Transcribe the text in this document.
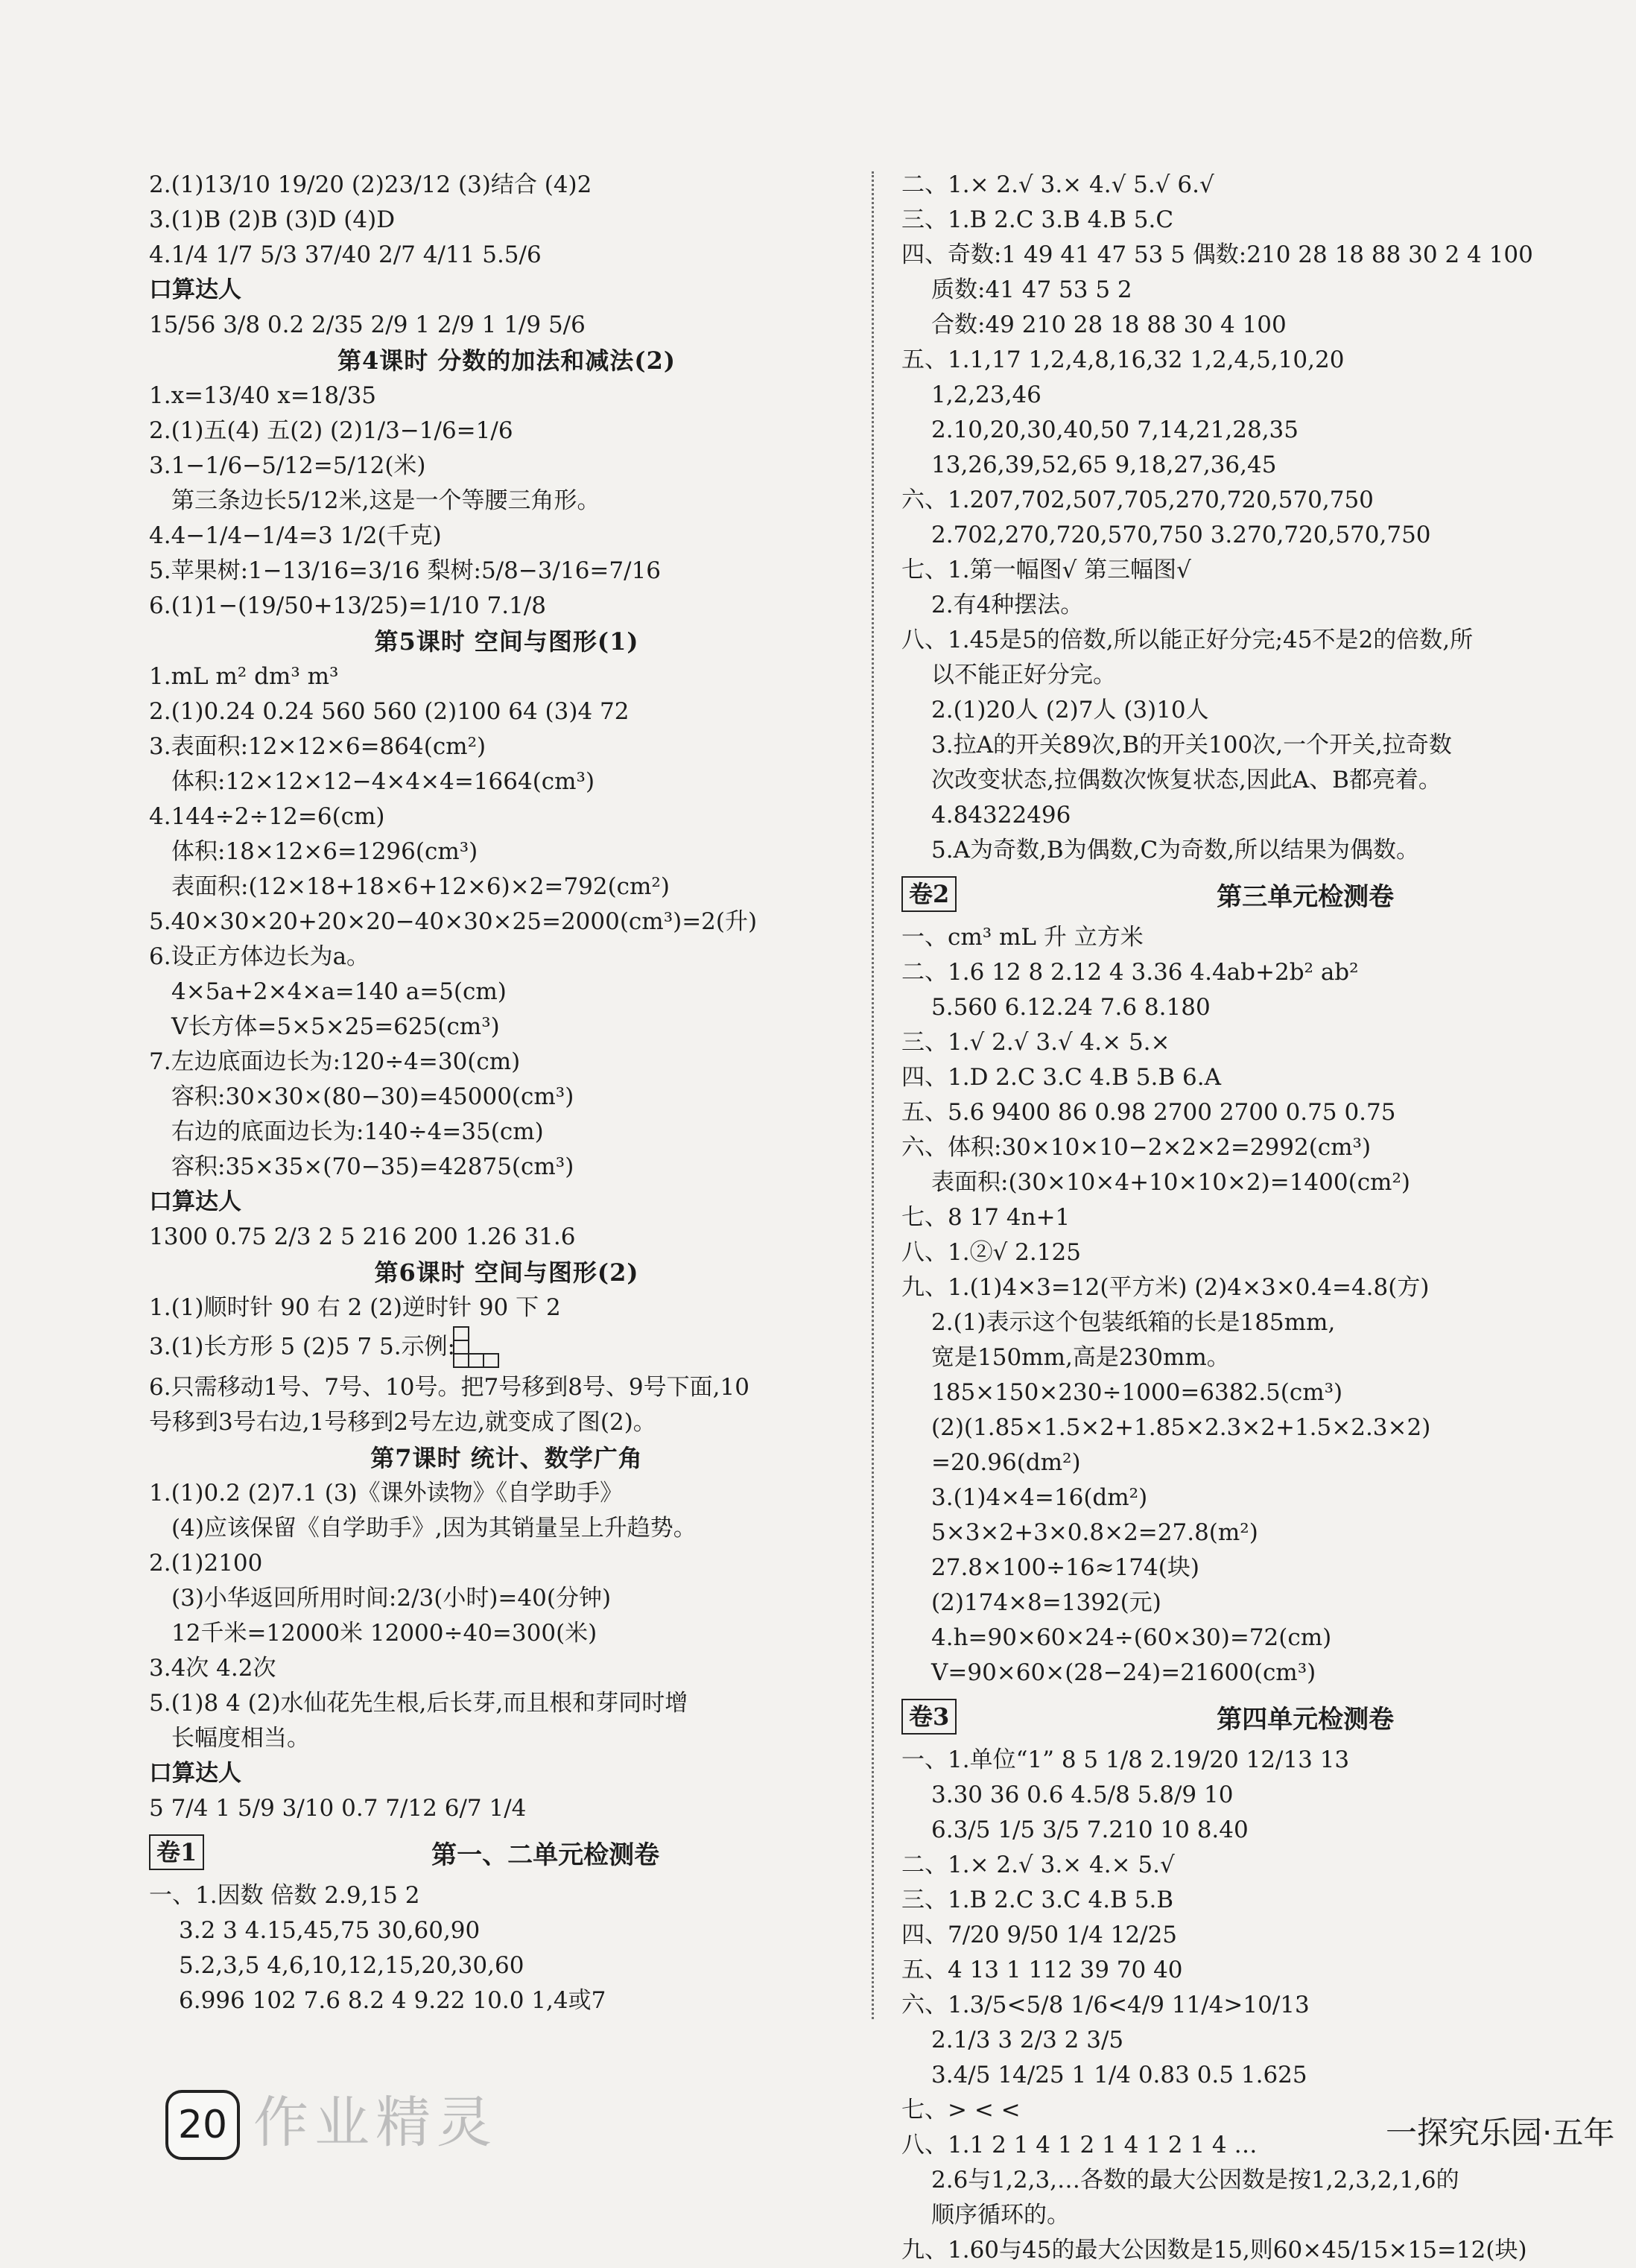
2.(1)13/10 19/20 (2)23/12 (3)结合 (4)2
3.(1)B (2)B (3)D (4)D
4.1/4 1/7 5/3 37/40 2/7 4/11 5.5/6
口算达人
15/56 3/8 0.2 2/35 2/9 1 2/9 1 1/9 5/6
第4课时 分数的加法和减法(2)
1.x=13/40 x=18/35
2.(1)五(4) 五(2) (2)1/3−1/6=1/6
3.1−1/6−5/12=5/12(米)
第三条边长5/12米,这是一个等腰三角形。
4.4−1/4−1/4=3 1/2(千克)
5.苹果树:1−13/16=3/16 梨树:5/8−3/16=7/16
6.(1)1−(19/50+13/25)=1/10 7.1/8
第5课时 空间与图形(1)
1.mL m² dm³ m³
2.(1)0.24 0.24 560 560 (2)100 64 (3)4 72
3.表面积:12×12×6=864(cm²)
体积:12×12×12−4×4×4=1664(cm³)
4.144÷2÷12=6(cm)
体积:18×12×6=1296(cm³)
表面积:(12×18+18×6+12×6)×2=792(cm²)
5.40×30×20+20×20−40×30×25=2000(cm³)=2(升)
6.设正方体边长为a。
4×5a+2×4×a=140 a=5(cm)
V长方体=5×5×25=625(cm³)
7.左边底面边长为:120÷4=30(cm)
容积:30×30×(80−30)=45000(cm³)
右边的底面边长为:140÷4=35(cm)
容积:35×35×(70−35)=42875(cm³)
口算达人
1300 0.75 2/3 2 5 216 200 1.26 31.6
第6课时 空间与图形(2)
1.(1)顺时针 90 右 2 (2)逆时针 90 下 2
3.(1)长方形 5 (2)5 7 5.示例:
6.只需移动1号、7号、10号。把7号移到8号、9号下面,10
号移到3号右边,1号移到2号左边,就变成了图(2)。
第7课时 统计、数学广角
1.(1)0.2 (2)7.1 (3)《课外读物》《自学助手》
(4)应该保留《自学助手》,因为其销量呈上升趋势。
2.(1)2100
(3)小华返回所用时间:2/3(小时)=40(分钟)
12千米=12000米 12000÷40=300(米)
3.4次 4.2次
5.(1)8 4 (2)水仙花先生根,后长芽,而且根和芽同时增
长幅度相当。
口算达人
5 7/4 1 5/9 3/10 0.7 7/12 6/7 1/4
卷1	第一、二单元检测卷
一、1.因数 倍数 2.9,15 2
3.2 3 4.15,45,75 30,60,90
5.2,3,5 4,6,10,12,15,20,30,60
6.996 102 7.6 8.2 4 9.22 10.0 1,4或7
二、1.× 2.√ 3.× 4.√ 5.√ 6.√
三、1.B 2.C 3.B 4.B 5.C
四、奇数:1 49 41 47 53 5 偶数:210 28 18 88 30 2 4 100
质数:41 47 53 5 2
合数:49 210 28 18 88 30 4 100
五、1.1,17 1,2,4,8,16,32 1,2,4,5,10,20
1,2,23,46
2.10,20,30,40,50 7,14,21,28,35
13,26,39,52,65 9,18,27,36,45
六、1.207,702,507,705,270,720,570,750
2.702,270,720,570,750 3.270,720,570,750
七、1.第一幅图√ 第三幅图√
2.有4种摆法。
八、1.45是5的倍数,所以能正好分完;45不是2的倍数,所
以不能正好分完。
2.(1)20人 (2)7人 (3)10人
3.拉A的开关89次,B的开关100次,一个开关,拉奇数
次改变状态,拉偶数次恢复状态,因此A、B都亮着。
4.84322496
5.A为奇数,B为偶数,C为奇数,所以结果为偶数。
卷2	第三单元检测卷
一、cm³ mL 升 立方米
二、1.6 12 8 2.12 4 3.36 4.4ab+2b² ab²
5.560 6.12.24 7.6 8.180
三、1.√ 2.√ 3.√ 4.× 5.×
四、1.D 2.C 3.C 4.B 5.B 6.A
五、5.6 9400 86 0.98 2700 2700 0.75 0.75
六、体积:30×10×10−2×2×2=2992(cm³)
表面积:(30×10×4+10×10×2)=1400(cm²)
七、8 17 4n+1
八、1.②√ 2.125
九、1.(1)4×3=12(平方米) (2)4×3×0.4=4.8(方)
2.(1)表示这个包装纸箱的长是185mm,
宽是150mm,高是230mm。
185×150×230÷1000=6382.5(cm³)
(2)(1.85×1.5×2+1.85×2.3×2+1.5×2.3×2)
=20.96(dm²)
3.(1)4×4=16(dm²)
5×3×2+3×0.8×2=27.8(m²)
27.8×100÷16≈174(块)
(2)174×8=1392(元)
4.h=90×60×24÷(60×30)=72(cm)
V=90×60×(28−24)=21600(cm³)
卷3	第四单元检测卷
一、1.单位“1” 8 5 1/8 2.19/20 12/13 13
3.30 36 0.6 4.5/8 5.8/9 10
6.3/5 1/5 3/5 7.210 10 8.40
二、1.× 2.√ 3.× 4.× 5.√
三、1.B 2.C 3.C 4.B 5.B
四、7/20 9/50 1/4 12/25
五、4 13 1 112 39 70 40
六、1.3/5<5/8 1/6<4/9 11/4>10/13
2.1/3 3 2/3 2 3/5
3.4/5 14/25 1 1/4 0.83 0.5 1.625
七、> < <
八、1.1 2 1 4 1 2 1 4 1 2 1 4 …
2.6与1,2,3,…各数的最大公因数是按1,2,3,2,1,6的
顺序循环的。
九、1.60与45的最大公因数是15,则60×45/15×15=12(块)
20 作业精灵	一探究乐园·五年
